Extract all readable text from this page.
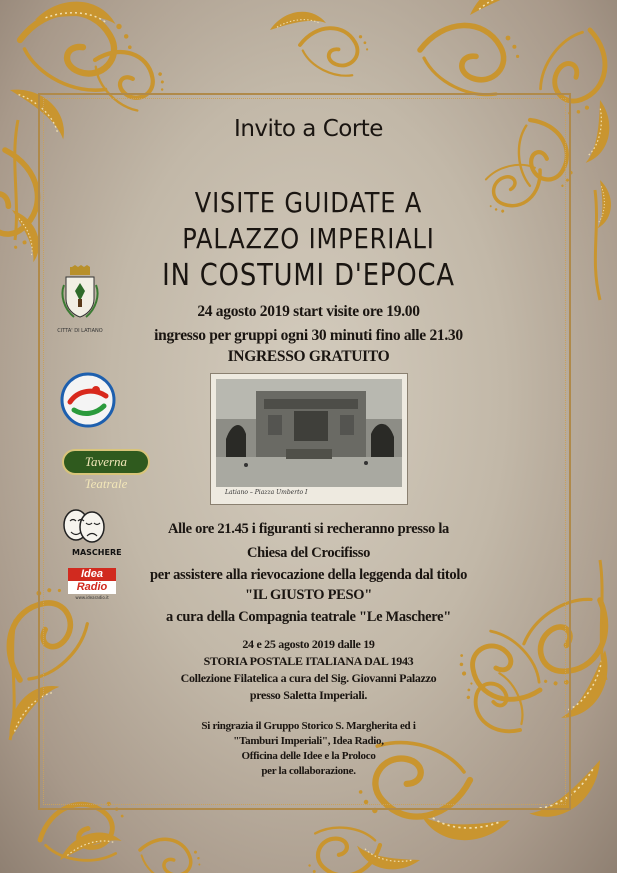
Invito a Corte

VISITE GUIDATE A

PALAZZO IMPERIALI

IN COSTUMI D'EPOCA

24 agosto 2019 start visite ore 19.00

ingresso per gruppi ogni 30 minuti fino alle 21.30

INGRESSO GRATUITO

CITTA' DI LATIANO
Taverna Teatrale
MASCHERE
Idea
Radio
www.idearadio.it
Latiano – Piazza Umberto I

Alle ore 21.45 i figuranti si recheranno presso la

Chiesa del Crocifisso

per assistere alla rievocazione della leggenda dal titolo

"IL GIUSTO PESO"

a cura della Compagnia teatrale "Le Maschere"

24 e 25 agosto 2019 dalle 19

STORIA POSTALE ITALIANA DAL 1943

Collezione Filatelica a cura del Sig. Giovanni Palazzo

presso Saletta Imperiali.

Si ringrazia il Gruppo Storico S. Margherita ed i

"Tamburi Imperiali", Idea Radio,

Officina delle Idee e la Proloco

per la collaborazione.
